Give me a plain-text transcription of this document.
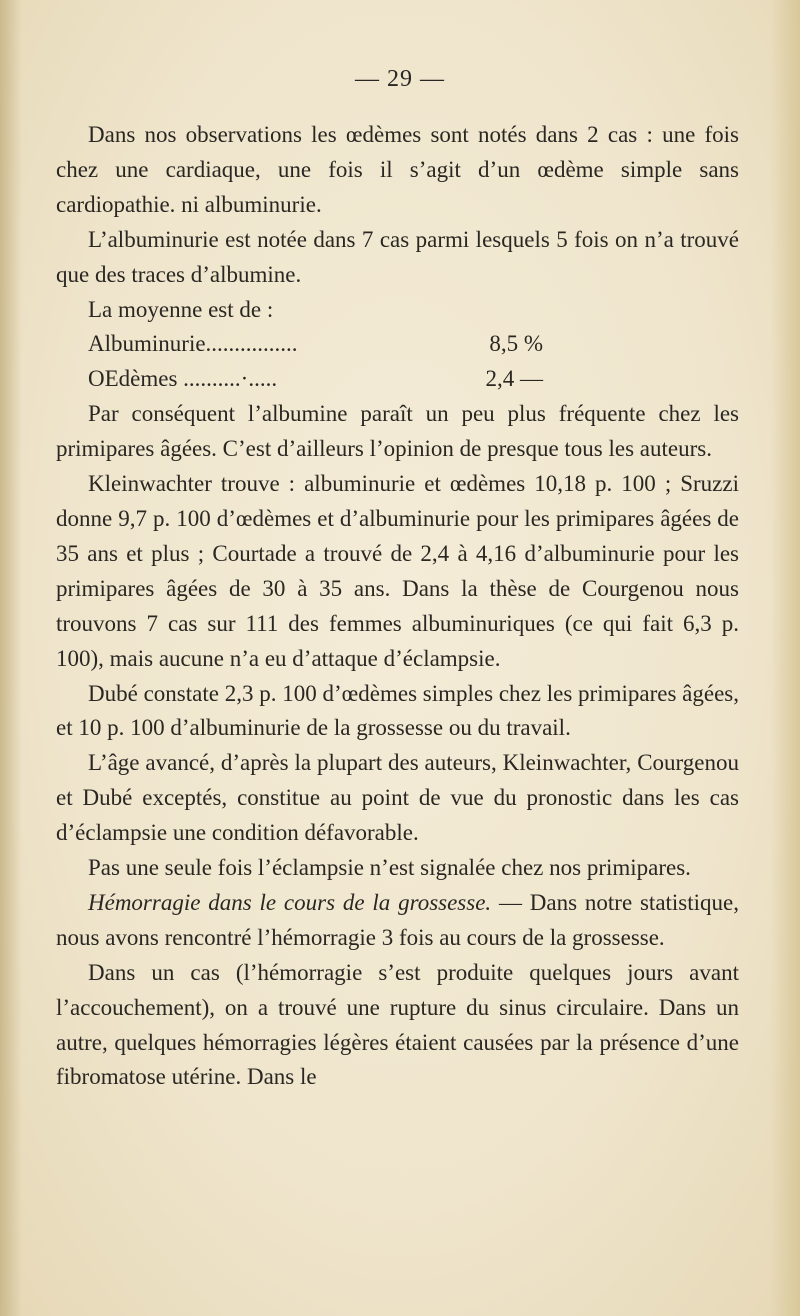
— 29 —

Dans nos observations les œdèmes sont notés dans 2 cas : une fois chez une cardiaque, une fois il s’agit d’un œdème simple sans cardiopathie. ni albuminurie.

L’albuminurie est notée dans 7 cas parmi lesquels 5 fois on n’a trouvé que des traces d’albumine.

La moyenne est de :

Albuminurie................	8,5 %
OEdèmes ..........·.....	2,4 —

Par conséquent l’albumine paraît un peu plus fréquente chez les primipares âgées. C’est d’ailleurs l’opinion de presque tous les auteurs.

Kleinwachter trouve : albuminurie et œdèmes 10,18 p. 100 ; Sruzzi donne 9,7 p. 100 d’œdèmes et d’albuminurie pour les primipares âgées de 35 ans et plus ; Courtade a trouvé de 2,4 à 4,16 d’albuminurie pour les primipares âgées de 30 à 35 ans. Dans la thèse de Courgenou nous trouvons 7 cas sur 111 des femmes albuminuriques (ce qui fait 6,3 p. 100), mais aucune n’a eu d’attaque d’éclampsie.

Dubé constate 2,3 p. 100 d’œdèmes simples chez les primipares âgées, et 10 p. 100 d’albuminurie de la grossesse ou du travail.

L’âge avancé, d’après la plupart des auteurs, Kleinwachter, Courgenou et Dubé exceptés, constitue au point de vue du pronostic dans les cas d’éclampsie une condition défavorable.

Pas une seule fois l’éclampsie n’est signalée chez nos primipares.

Hémorragie dans le cours de la grossesse. — Dans notre statistique, nous avons rencontré l’hémorragie 3 fois au cours de la grossesse.

Dans un cas (l’hémorragie s’est produite quelques jours avant l’accouchement), on a trouvé une rupture du sinus circulaire. Dans un autre, quelques hémorragies légères étaient causées par la présence d’une fibromatose utérine. Dans le
